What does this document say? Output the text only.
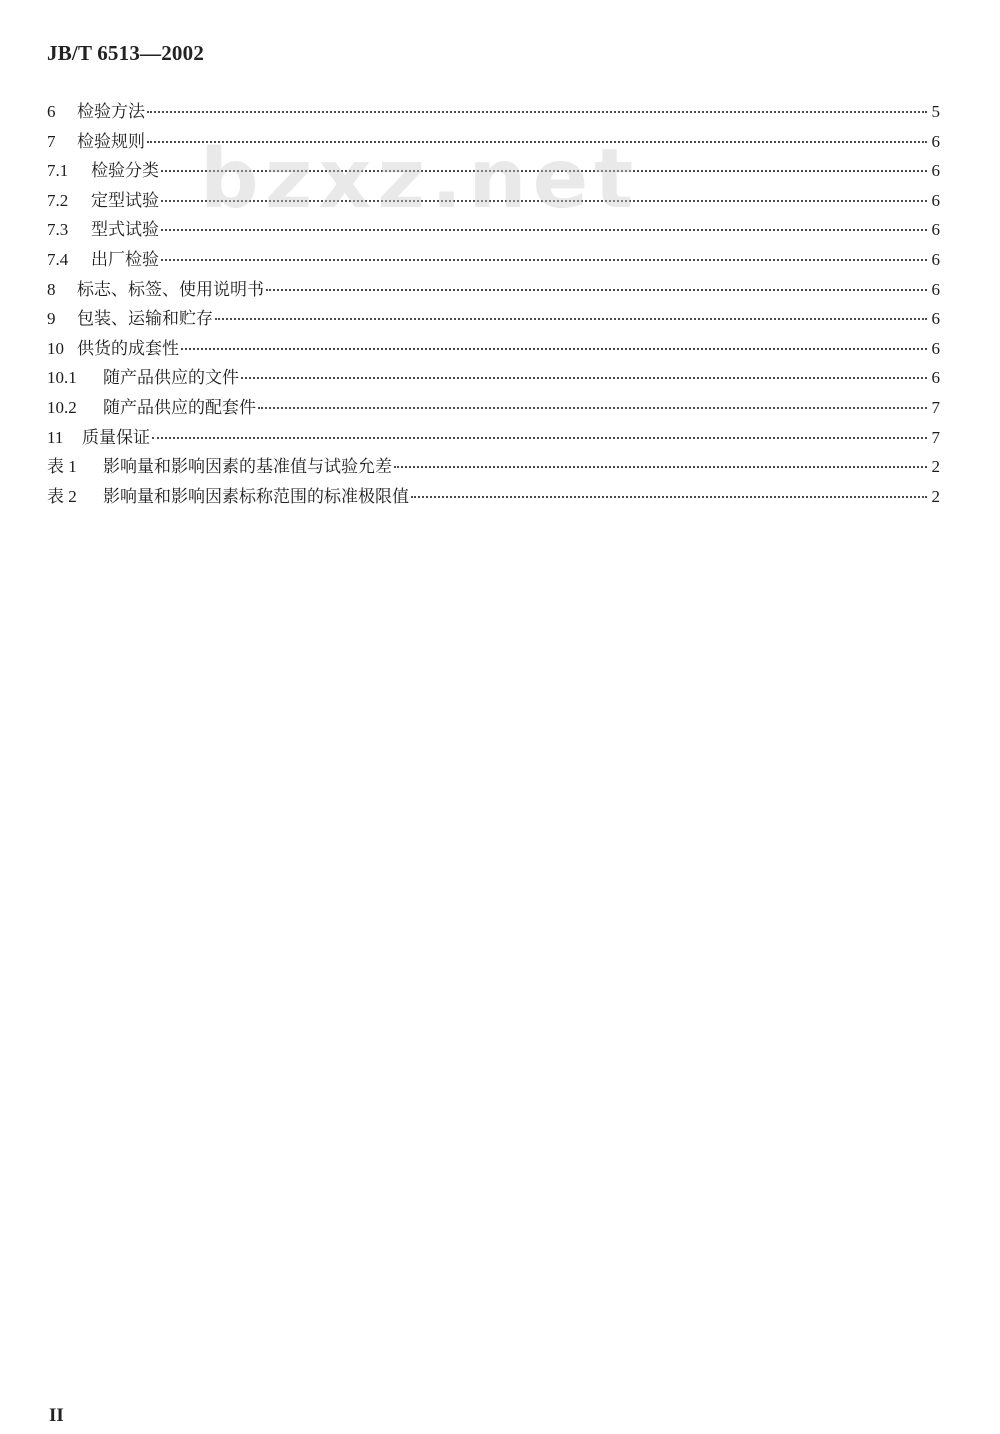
JB/T 6513—2002
bzxz.net
6	检验方法	5
7	检验规则	6
7.1	检验分类	6
7.2	定型试验	6
7.3	型式试验	6
7.4	出厂检验	6
8	标志、标签、使用说明书	6
9	包装、运输和贮存	6
10 供货的成套性	6
10.1	随产品供应的文件	6
10.2	随产品供应的配套件	7
11	质量保证	7
表 1	影响量和影响因素的基准值与试验允差	2
表 2	影响量和影响因素标称范围的标准极限值	2
II
